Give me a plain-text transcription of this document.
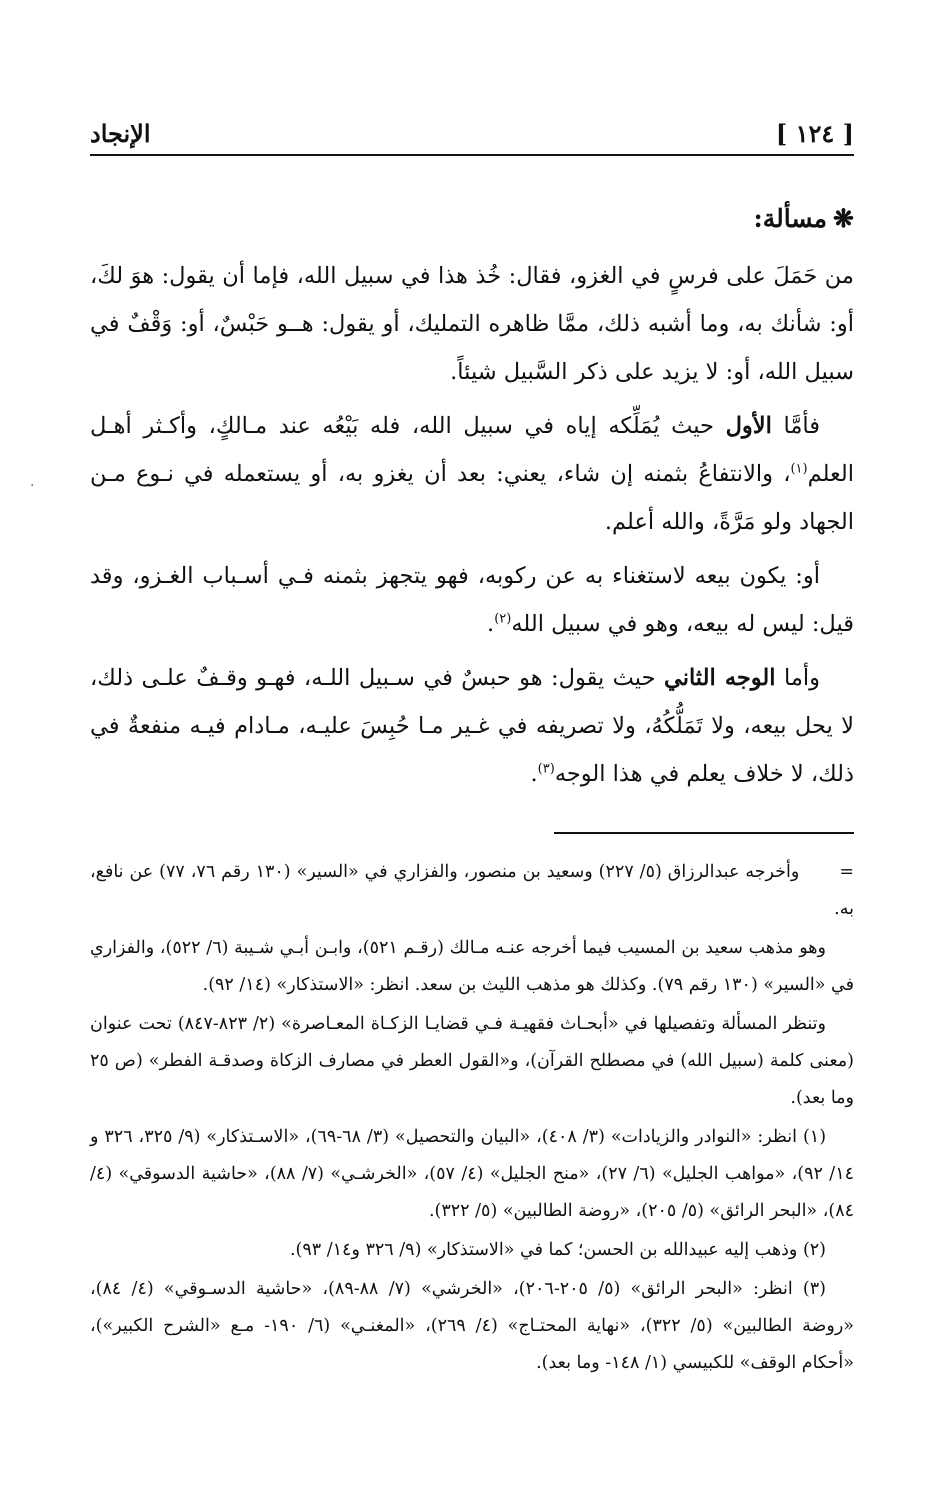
[ ١٢٤ ]
الإنجاد
❋مسألة:

من حَمَلَ على فرسٍ في الغزو، فقال: خُذ هذا في سبيل الله، فإما أن يقول: هوَ لكَ، أو: شأنك به، وما أشبه ذلك، ممَّا ظاهره التمليك، أو يقول: هــو حَبْسٌ، أو: وَقْفٌ في سبيل الله، أو: لا يزيد على ذكر السَّبيل شيئاً.

فأمَّا الأول حيث يُمَلِّكه إياه في سبيل الله، فله بَيْعُه عند مـالكٍ، وأكـثر أهـل العلم$^{(١)}$، والانتفاعُ بثمنه إن شاء، يعني: بعد أن يغزو به، أو يستعمله في نـوع مـن الجهاد ولو مَرَّةً، والله أعلم.

أو: يكون بيعه لاستغناء به عن ركوبه، فهو يتجهز بثمنه فـي أسـباب الغـزو، وقد قيل: ليس له بيعه، وهو في سبيل الله$^{(٢)}$.

وأما الوجه الثاني حيث يقول: هو حبسٌ في سـبيل اللـه، فهـو وقـفٌ علـى ذلك، لا يحل بيعه، ولا تَمَلُّكُهُ، ولا تصريفه في غـير مـا حُبِسَ عليـه، مـادام فيـه منفعةٌ في ذلك، لا خلاف يعلم في هذا الوجه$^{(٣)}$.

=وأخرجه عبدالرزاق (٥/ ٢٢٧) وسعيد بن منصور، والفزاري في «السير» (١٣٠ رقم ٧٦، ٧٧) عن نافع، به.

وهو مذهب سعيد بن المسيب فيما أخرجه عنـه مـالك (رقـم ٥٢١)، وابـن أبـي شـيبة (٦/ ٥٢٢)، والفزاري في «السير» (١٣٠ رقم ٧٩). وكذلك هو مذهب الليث بن سعد. انظر: «الاستذكار» (١٤/ ٩٢).

وتنظر المسألة وتفصيلها في «أبحـاث فقهيـة فـي قضايـا الزكـاة المعـاصرة» (٢/ ٨٢٣-٨٤٧) تحت عنوان (معنى كلمة (سبيل الله) في مصطلح القرآن)، و«القول العطر في مصارف الزكاة وصدقـة الفطر» (ص ٢٥ وما بعد).

(١) انظر: «النوادر والزيادات» (٣/ ٤٠٨)، «البيان والتحصيل» (٣/ ٦٨-٦٩)، «الاسـتذكار» (٩/ ٣٢٥، ٣٢٦ و ١٤/ ٩٢)، «مواهب الجليل» (٦/ ٢٧)، «منح الجليل» (٤/ ٥٧)، «الخرشـي» (٧/ ٨٨)، «حاشية الدسوقي» (٤/ ٨٤)، «البحر الرائق» (٥/ ٢٠٥)، «روضة الطالبين» (٥/ ٣٢٢).

(٢) وذهب إليه عبيدالله بن الحسن؛ كما في «الاستذكار» (٩/ ٣٢٦ و١٤/ ٩٣).

(٣) انظر: «البحر الرائق» (٥/ ٢٠٥-٢٠٦)، «الخرشي» (٧/ ٨٨-٨٩)، «حاشية الدسـوقي» (٤/ ٨٤)، «روضة الطالبين» (٥/ ٣٢٢)، «نهاية المحتـاج» (٤/ ٢٦٩)، «المغنـي» (٦/ ١٩٠- مـع «الشرح الكبير»)، «أحكام الوقف» للكبيسي (١/ ١٤٨- وما بعد).

·
